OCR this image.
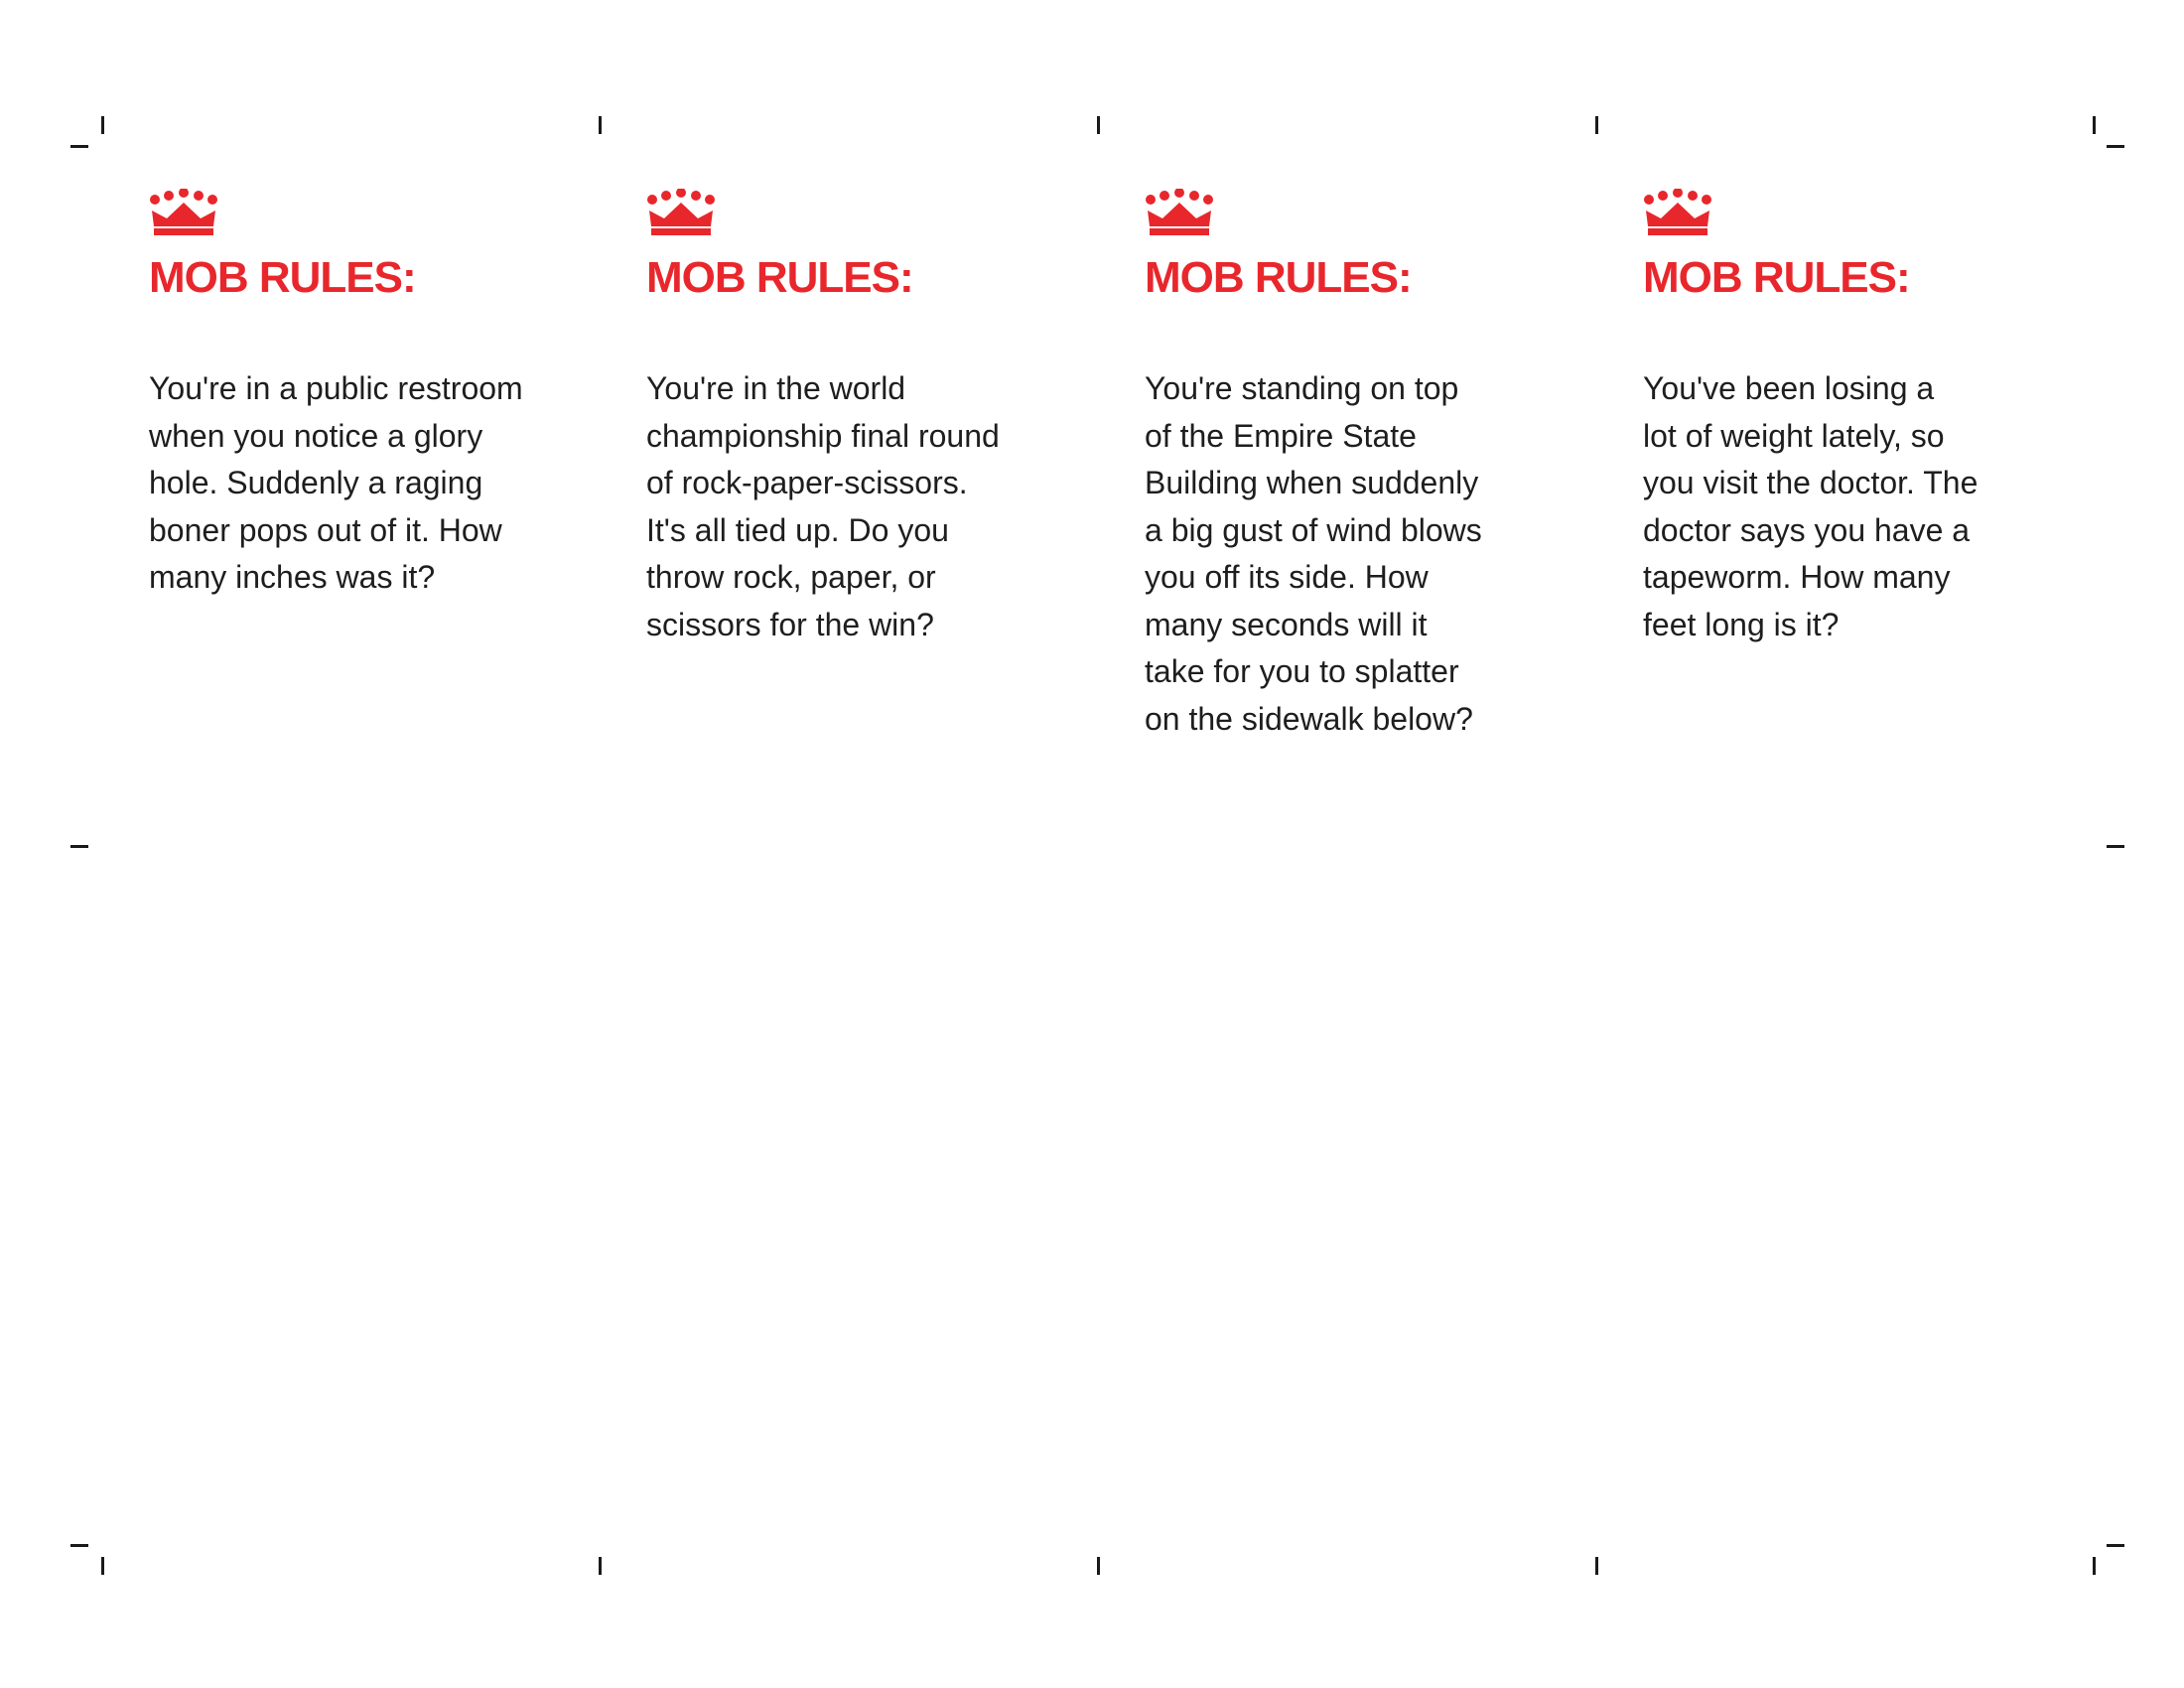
MOB RULES:
You're in a public restroom
when you notice a glory
hole. Suddenly a raging
boner pops out of it. How
many inches was it?
MOB RULES:
You're in the world
championship final round
of rock-paper-scissors.
It's all tied up. Do you
throw rock, paper, or
scissors for the win?
MOB RULES:
You're standing on top
of the Empire State
Building when suddenly
a big gust of wind blows
you off its side. How
many seconds will it
take for you to splatter
on the sidewalk below?
MOB RULES:
You've been losing a
lot of weight lately, so
you visit the doctor. The
doctor says you have a
tapeworm. How many
feet long is it?
